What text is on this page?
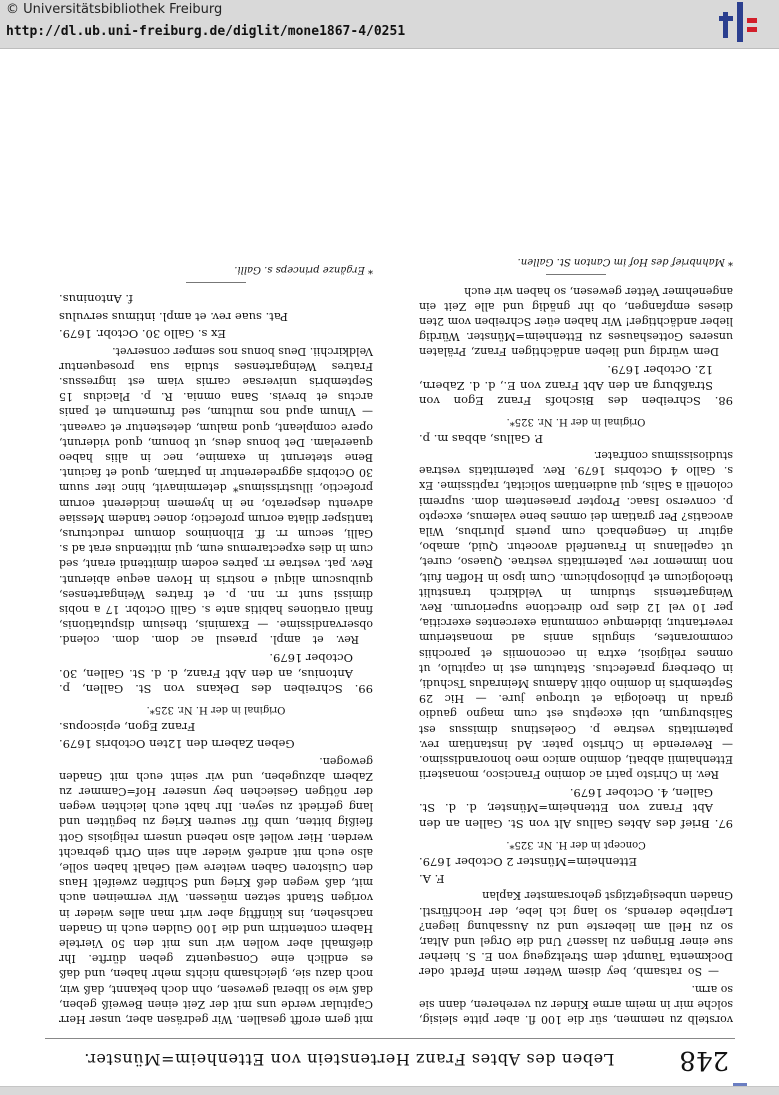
© Universitätsbibliothek Freiburg
http://dl.ub.uni-freiburg.de/diglit/mone1867-4/0251
248
Leben des Abtes Franz Hertenstein von Ettenheim=Münster.

vorstelb zu nemmen, sür die 100 fl. aber pitte sleisig, solche mir in meim arme Kinder zu vereheren, dann sie so arm.

— So ratsamb, bey disem Wetter mein Pferdt oder Dockmenta Taumpt dem Streltzgeug von E. S. hierher sue einer Bringen zu lassen? Und die Orgel und Altar, so zu Hell am lieberste und zu Aussahung liegen? Lerpliebe derends, so lang ich lebe, der Hochfürstl. Gnaden unbesigetzigst gehorsamster Kaplan

F. A.

Ettenheim=Münster 2 October 1679.

Concept in der H. Nr. 325*.

97. Brief des Abtes Gallus Alt von St. Gallen an den Abt Franz von Ettenheim=Münster, d. d. St. Gallen, 4. October 1679.

Rev. in Christo patri ac domino Francisco, monasterii Ettenhaimii abbati, domino amico meo honorandissimo. — Reverende in Christo pater. Ad instantiam rev. paternitatis vestrae p. Coelestinus dimissus est Salisburgum, ubi exceptus est cum magno gaudio gradu in theologia et utroque jure. — Hic 29 Septembris in domino obiit Adamus Meinradus Tschudi, in Oberberg praefectus. Statutum est in capitulo, ut omnes religiosi, extra in oeconomiis et parochiis commorantes, singulis annis ad monasterium revertantur, ibidemque communia exercentes exercitia, per 10 vel 12 dies pro directione superiorum. Rev. Weingartensis studium in Veldkirch transtulit theologicum et philosophicum. Cum ipso in Hoffen fuit, non immemor rev. paternitatis vestrae. Quaeso, curet, ut capellanus in Frauenfeld avocetur. Quid, amabo, agitur in Gengenbach cum pueris pluribus, Wila avocatis? Per gratiam dei omnes bene valemus, excepto p. converso Isaac. Propter praesentem dom. supremi colonelli a Salis, qui audientiam solicitat, raptissime. Ex s. Gallo 4 Octobris 1679. Rev. paternitatis vestrae studiosissimus confrater.

P. Gallus, abbas m. p.

Original in der H. Nr. 325*.

98. Schreiben des Bischofs Franz Egon von Straßburg an den Abt Franz von E., d. d. Zabern, 12. October 1679.

Dem würdig und lieben andächtigen Franz, Prälaten unseres Gotteshauses zu Ettenheim=Münster. Würdig lieber andächtiger! Wir haben eüer Schreiben vom 2ten dieses empfangen, ob ihr gnädig und alle Zeit ein angenehmer Vetter gewesen, so haben wir euch

* Mahnbrief des Hof im Canton St. Gallen.

mit gern erofft gesallen. Wir gedräsen aber, unser Herr Capitular werde uns mit der Zeit einen Beweiß geben, daß wie so liberal gewesen, ohn doch bekannt, daß wir, noch dazu sie, gleichsamb nichts mehr haben, und daß es endlich eine Consequentz geben dürfte. Ihr dießmahl aber wollen wir uns mit den 50 Viertele Habern contentirn und die 100 Gulden euch in Gnaden nachsehen, ins künfftig aber wirt man alles wieder in vorigen Standt setzen müessen. Wir vermeinen auch mit, daß wegen deß Krieg und Schiffen zweifelt Haus den Cuistoren Gaben weitere weil Gehalt haben solle, also euch mit andreß wieder ahn sein Orth gebracht werden. Hier wollet also nebend unsern religiosis Gott fleißig bitten, umb für seuren Krieg zu begütten und lang gefriedt zu seyen. Ihr habt euch leichten wegen der nötigen Gesiechen bey unserer Hof=Cammer zu Zabern abzugeben, und wir seint euch mit Gnaden gewogen.

Geben Zabern den 12ten Octobris 1679.

Franz Egon, episcopus.

Original in der H. Nr. 325*.

99. Schreiben des Dekans von St. Gallen, p. Antonius, an den Abt Franz, d. d. St. Gallen, 30. October 1679.

Rev. et ampl. praesul ac dom. dom. colend. observandissime. — Examinis, thesium disputationis, finali orationes habitis ante s. Galli Octobr. 17 a nobis dimissi sunt rr. nn. p. et fratres Weingartenses, quibuscum aliqui e nostris in Hoven aeque abierunt. Rev. pat. vestrae rr. patres eodem dimittendi erant, sed cum in dies expectaremus eum, qui mittendus erat ad s. Galli, secum rr. ff. Elhonimos domum reducturus, tantisper dilata eorum profectio; donec tandem Messiae adventu desperato, ne in hyemem inciderent eorum profectio, illustrissimus* determinavit, hinc iter suum 30 Octobris aggrederentur in patriam, quod et faciunt. Bene steterunt in examine, nec in aliis habeo quaerelam. Det bonus deus, ut bonum, quod viderunt, opere compleant, quod malum, detestentur et caveant. — Vinum apud nos multum, sed frumentum et panis arctus et brevis. Sana omnia. R. p. Placidus 15 Septembris universae carnis viam est ingressus. Fratres Weingartenses studia sua prosequentur Veldkirchii. Deus bonus nos semper conservet.

Ex s. Gallo 30. Octobr. 1679.

Pat. suae rev. et ampl. intimus servulus

f. Antoninus.

* Ergänze princeps s. Galli.
